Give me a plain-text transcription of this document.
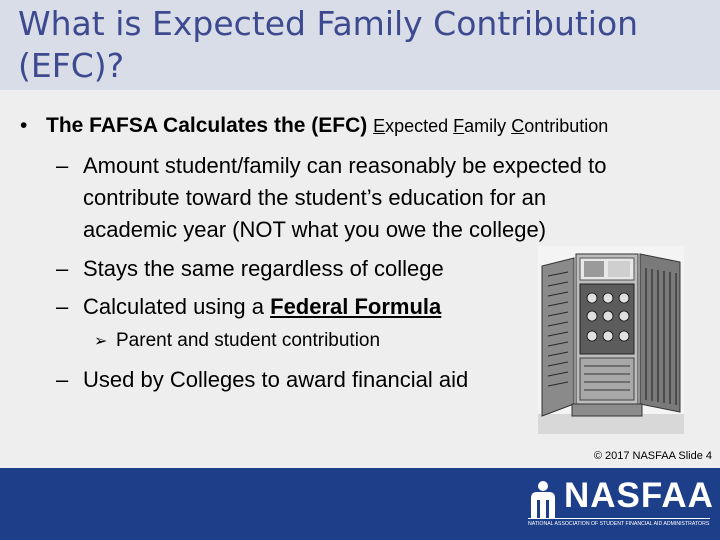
What is Expected Family Contribution (EFC)?
• The FAFSA Calculates the (EFC) Expected Family Contribution
– Amount student/family can reasonably be expected to
contribute toward the student’s education for an
academic year (NOT what you owe the college)
– Stays the same regardless of college
– Calculated using a Federal Formula
➢ Parent and student contribution
– Used by Colleges to award financial aid
© 2017 NASFAA Slide 4
NASFAA
NATIONAL ASSOCIATION OF STUDENT FINANCIAL AID ADMINISTRATORS
